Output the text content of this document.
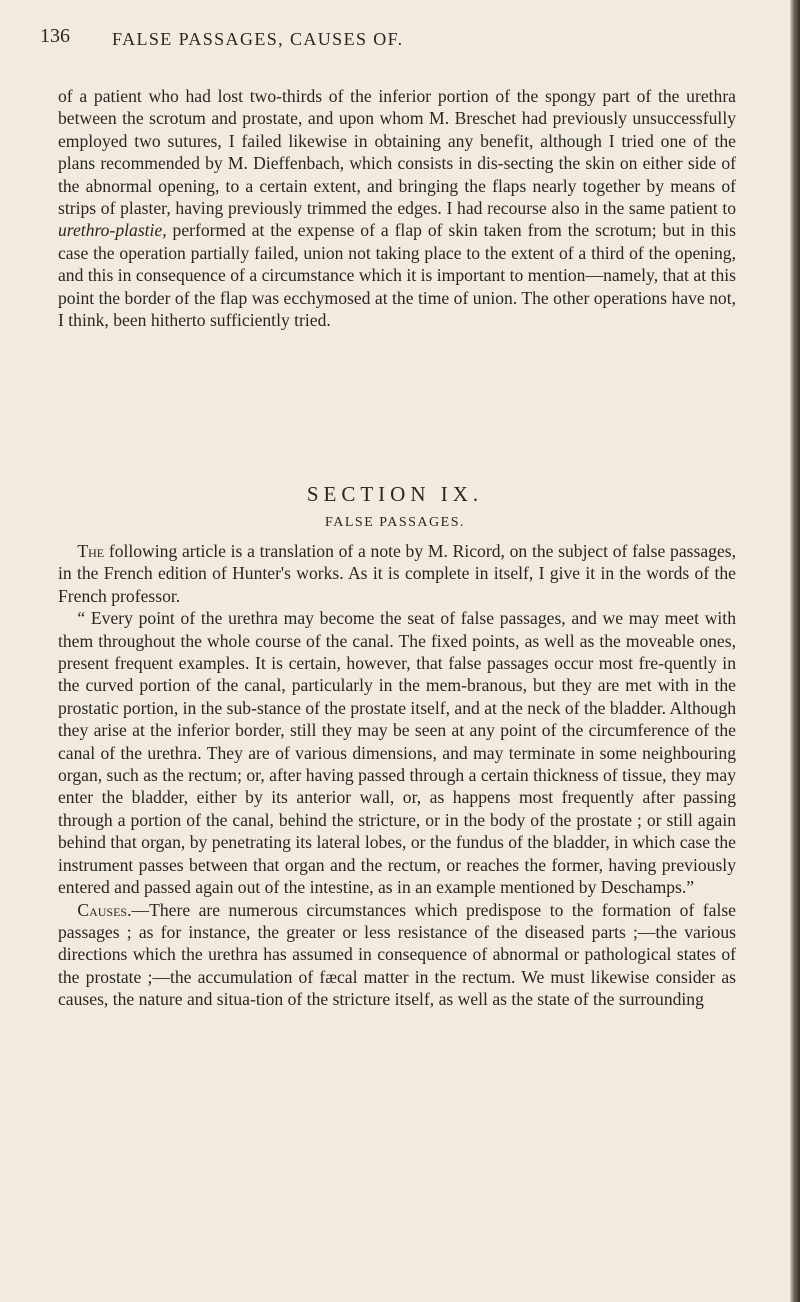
136 FALSE PASSAGES, CAUSES OF.

of a patient who had lost two-thirds of the inferior portion of the spongy part of the urethra between the scrotum and prostate, and upon whom M. Breschet had previously unsuccessfully employed two sutures, I failed likewise in obtaining any benefit, although I tried one of the plans recommended by M. Dieffenbach, which consists in dis-secting the skin on either side of the abnormal opening, to a certain extent, and bringing the flaps nearly together by means of strips of plaster, having previously trimmed the edges. I had recourse also in the same patient to urethro-plastie, performed at the expense of a flap of skin taken from the scrotum; but in this case the operation partially failed, union not taking place to the extent of a third of the opening, and this in consequence of a circumstance which it is important to mention—namely, that at this point the border of the flap was ecchymosed at the time of union. The other operations have not, I think, been hitherto sufficiently tried.

SECTION IX.
FALSE PASSAGES.

The following article is a translation of a note by M. Ricord, on the subject of false passages, in the French edition of Hunter's works. As it is complete in itself, I give it in the words of the French professor.

“ Every point of the urethra may become the seat of false passages, and we may meet with them throughout the whole course of the canal. The fixed points, as well as the moveable ones, present frequent examples. It is certain, however, that false passages occur most fre-quently in the curved portion of the canal, particularly in the mem-branous, but they are met with in the prostatic portion, in the sub-stance of the prostate itself, and at the neck of the bladder. Although they arise at the inferior border, still they may be seen at any point of the circumference of the canal of the urethra. They are of various dimensions, and may terminate in some neighbouring organ, such as the rectum; or, after having passed through a certain thickness of tissue, they may enter the bladder, either by its anterior wall, or, as happens most frequently after passing through a portion of the canal, behind the stricture, or in the body of the prostate ; or still again behind that organ, by penetrating its lateral lobes, or the fundus of the bladder, in which case the instrument passes between that organ and the rectum, or reaches the former, having previously entered and passed again out of the intestine, as in an example mentioned by Deschamps.”

Causes.—There are numerous circumstances which predispose to the formation of false passages ; as for instance, the greater or less resistance of the diseased parts ;—the various directions which the urethra has assumed in consequence of abnormal or pathological states of the prostate ;—the accumulation of fæcal matter in the rectum. We must likewise consider as causes, the nature and situa-tion of the stricture itself, as well as the state of the surrounding
